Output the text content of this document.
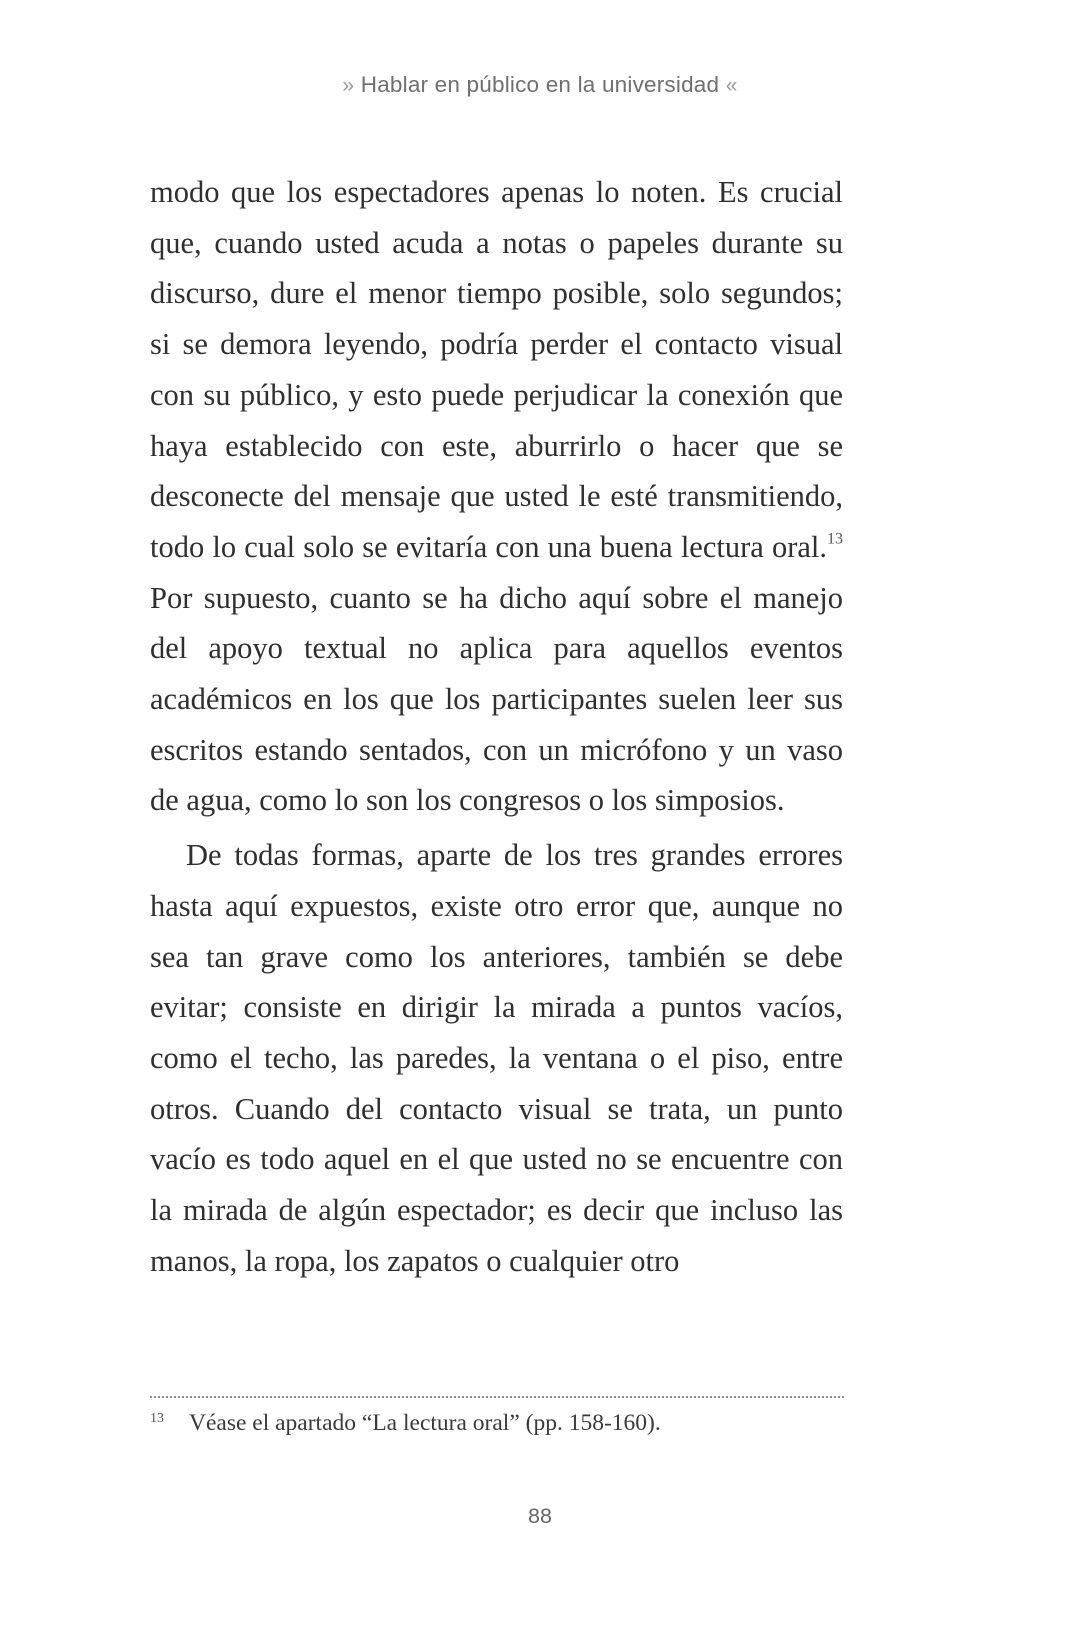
» Hablar en público en la universidad «

modo que los espectadores apenas lo noten. Es crucial que, cuando usted acuda a notas o papeles durante su discurso, dure el menor tiempo posible, solo segundos; si se demora leyendo, podría perder el contacto visual con su público, y esto puede perjudicar la conexión que haya establecido con este, aburrirlo o hacer que se desconecte del mensaje que usted le esté transmitiendo, todo lo cual solo se evitaría con una buena lectura oral.$^{13}$ Por supuesto, cuanto se ha dicho aquí sobre el manejo del apoyo textual no aplica para aquellos eventos académicos en los que los participantes suelen leer sus escritos estando sentados, con un micrófono y un vaso de agua, como lo son los congresos o los simposios.

De todas formas, aparte de los tres grandes errores hasta aquí expuestos, existe otro error que, aunque no sea tan grave como los anteriores, también se debe evitar; consiste en dirigir la mirada a puntos vacíos, como el techo, las paredes, la ventana o el piso, entre otros. Cuando del contacto visual se trata, un punto vacío es todo aquel en el que usted no se encuentre con la mirada de algún espectador; es decir que incluso las manos, la ropa, los zapatos o cualquier otro

13 Véase el apartado “La lectura oral” (pp. 158-160).
88
